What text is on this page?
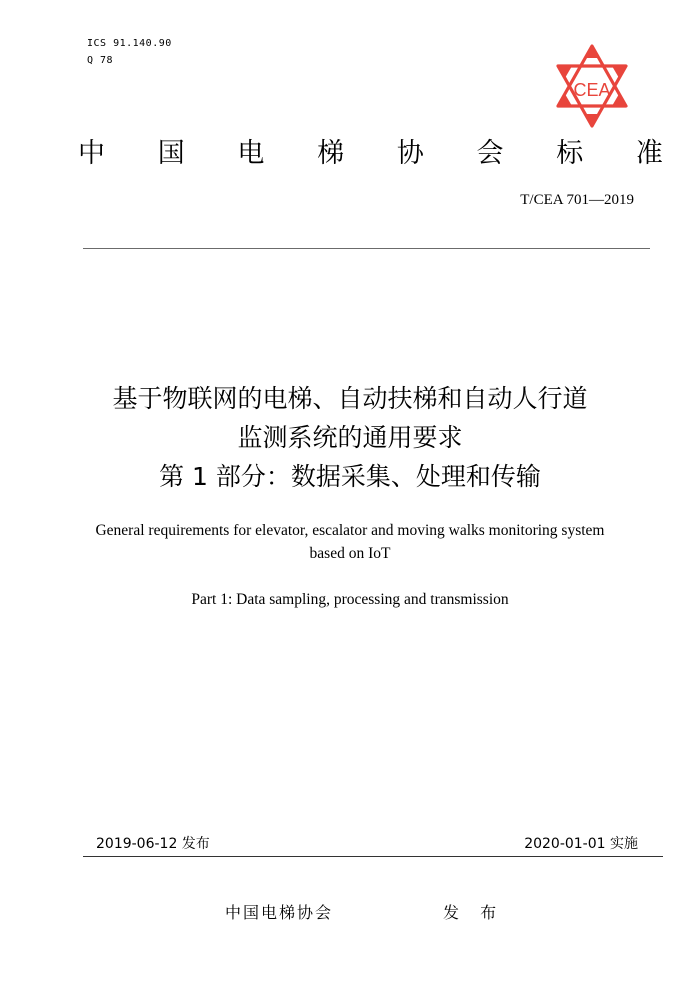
ICS 91.140.90
Q 78
CEA
中 国 电 梯 协 会 标 准
T/CEA 701—2019
基于物联网的电梯、自动扶梯和自动人行道
监测系统的通用要求
第 1 部分：数据采集、处理和传输
General requirements for elevator, escalator and moving walks monitoring system
based on IoT
Part 1: Data sampling, processing and transmission
2019-06-12 发布	2020-01-01 实施
中国电梯协会	发 布
